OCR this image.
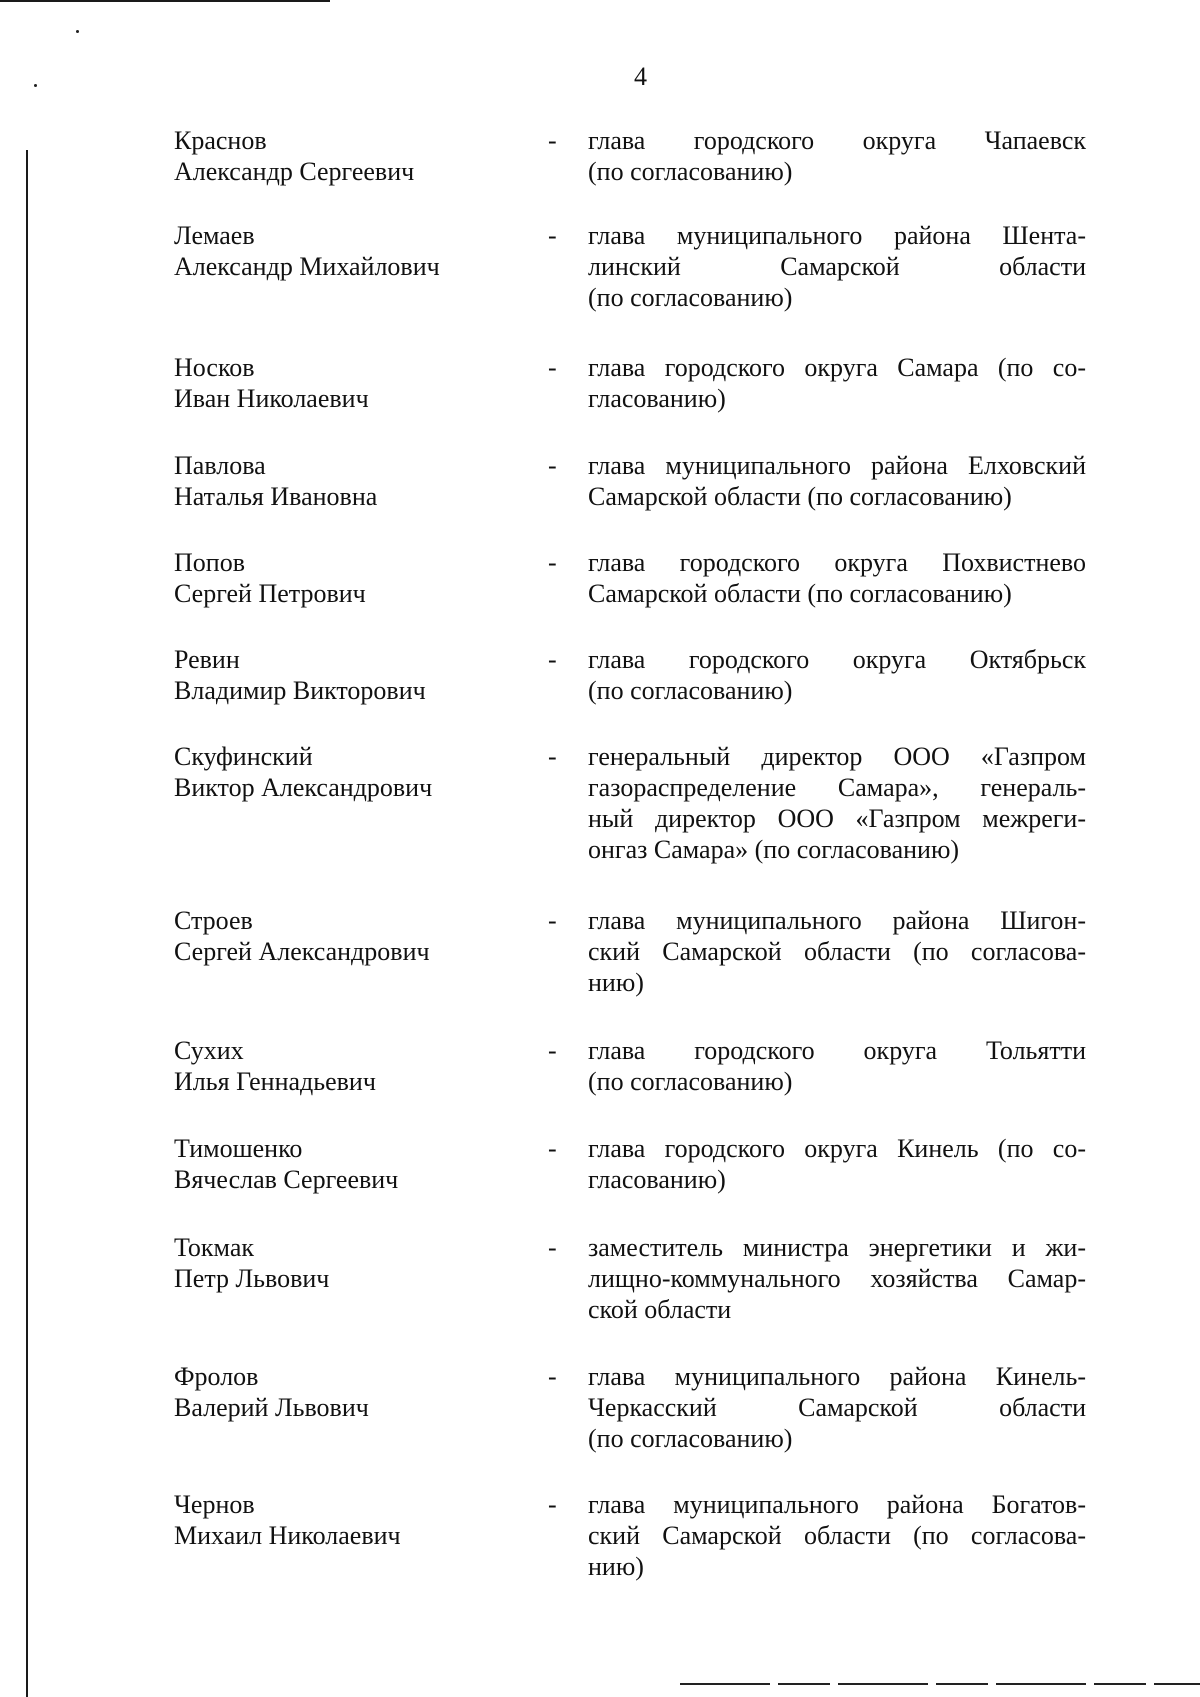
4
Краснов
Александр Сергеевич
- глава городского округа Чапаевск
(по согласованию)
Лемаев
Александр Михайлович
- глава муниципального района Шента-
линский Самарской области
(по согласованию)
Носков
Иван Николаевич
- глава городского округа Самара (по со-
гласованию)
Павлова
Наталья Ивановна
- глава муниципального района Елховский
Самарской области (по согласованию)
Попов
Сергей Петрович
- глава городского округа Похвистнево
Самарской области (по согласованию)
Ревин
Владимир Викторович
- глава городского округа Октябрьск
(по согласованию)
Скуфинский
Виктор Александрович
- генеральный директор ООО «Газпром
газораспределение Самара», генераль-
ный директор ООО «Газпром межреги-
онгаз Самара» (по согласованию)
Строев
Сергей Александрович
- глава муниципального района Шигон-
ский Самарской области (по согласова-
нию)
Сухих
Илья Геннадьевич
- глава городского округа Тольятти
(по согласованию)
Тимошенко
Вячеслав Сергеевич
- глава городского округа Кинель (по со-
гласованию)
Токмак
Петр Львович
- заместитель министра энергетики и жи-
лищно-коммунального хозяйства Самар-
ской области
Фролов
Валерий Львович
- глава муниципального района Кинель-
Черкасский Самарской области
(по согласованию)
Чернов
Михаил Николаевич
- глава муниципального района Богатов-
ский Самарской области (по согласова-
нию)
